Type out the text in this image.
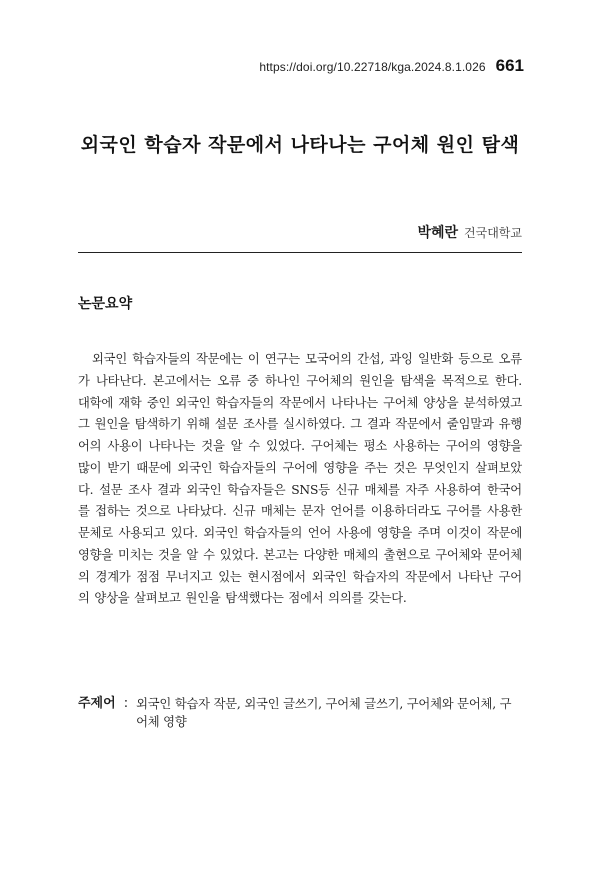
https://doi.org/10.22718/kga.2024.8.1.026 661
외국인 학습자 작문에서 나타나는 구어체 원인 탐색
박혜란 건국대학교
논문요약

외국인 학습자들의 작문에는 이 연구는 모국어의 간섭, 과잉 일반화 등으로 오류가 나타난다. 본고에서는 오류 중 하나인 구어체의 원인을 탐색을 목적으로 한다. 대학에 재학 중인 외국인 학습자들의 작문에서 나타나는 구어체 양상을 분석하였고 그 원인을 탐색하기 위해 설문 조사를 실시하였다. 그 결과 작문에서 줄임말과 유행어의 사용이 나타나는 것을 알 수 있었다. 구어체는 평소 사용하는 구어의 영향을 많이 받기 때문에 외국인 학습자들의 구어에 영향을 주는 것은 무엇인지 살펴보았다. 설문 조사 결과 외국인 학습자들은 SNS등 신규 매체를 자주 사용하여 한국어를 접하는 것으로 나타났다. 신규 매체는 문자 언어를 이용하더라도 구어를 사용한 문체로 사용되고 있다. 외국인 학습자들의 언어 사용에 영향을 주며 이것이 작문에 영향을 미치는 것을 알 수 있었다. 본고는 다양한 매체의 출현으로 구어체와 문어체의 경계가 점점 무너지고 있는 현시점에서 외국인 학습자의 작문에서 나타난 구어의 양상을 살펴보고 원인을 탐색했다는 점에서 의의를 갖는다.

주제어 : 외국인 학습자 작문, 외국인 글쓰기, 구어체 글쓰기, 구어체와 문어체, 구어체 영향
